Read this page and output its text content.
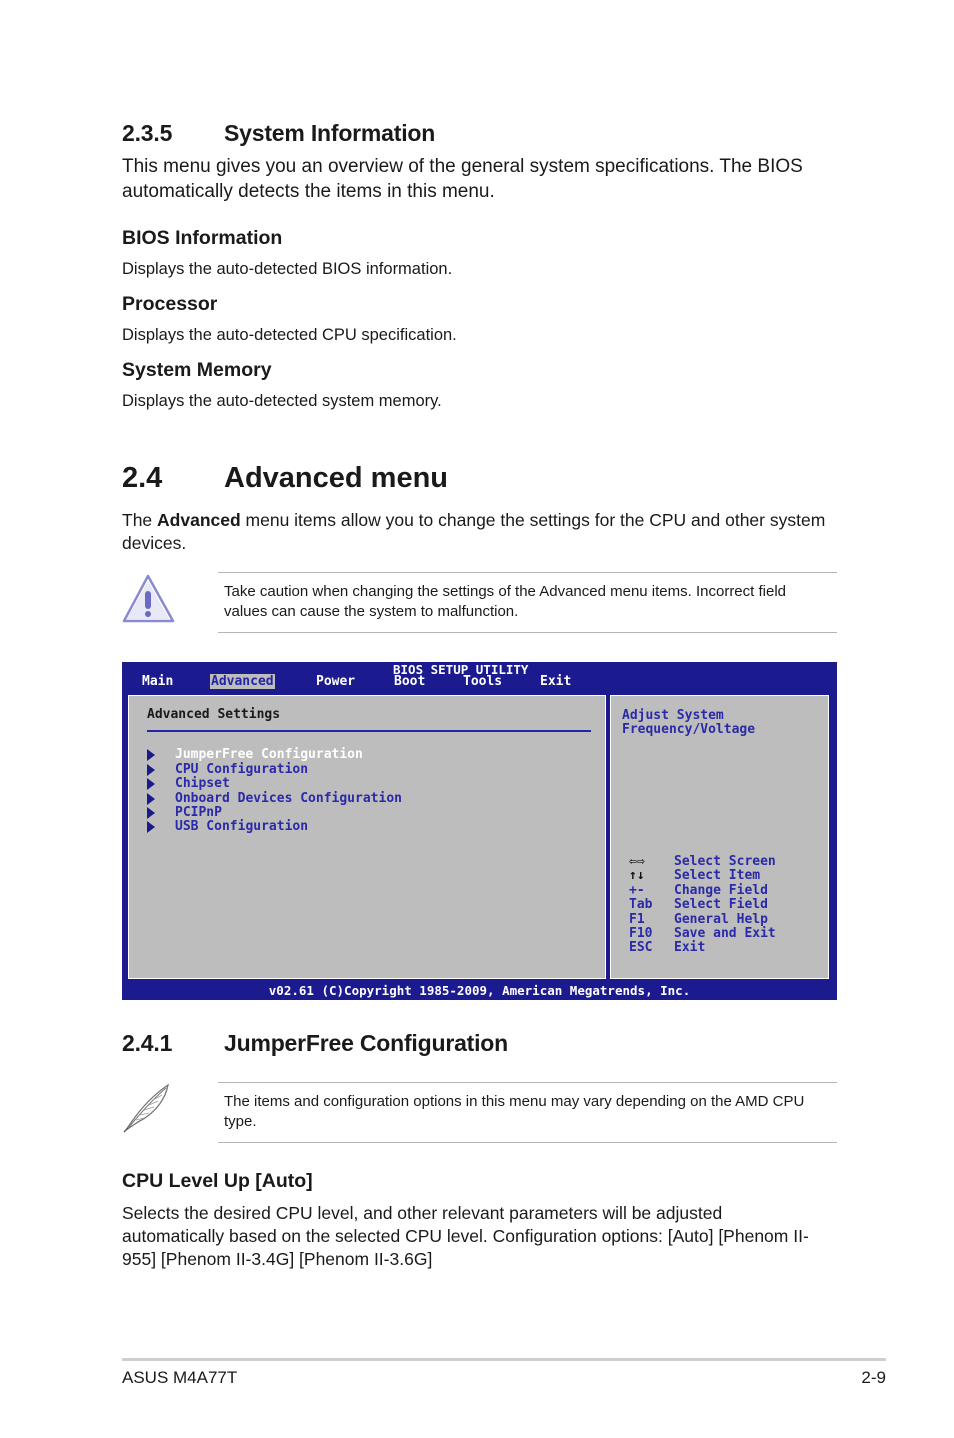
2.3.5 System Information
This menu gives you an overview of the general system specifications. The BIOS automatically detects the items in this menu.
BIOS Information
Displays the auto-detected BIOS information.
Processor
Displays the auto-detected CPU specification.
System Memory
Displays the auto-detected system memory.
2.4 Advanced menu
The Advanced menu items allow you to change the settings for the CPU and other system devices.
Take caution when changing the settings of the Advanced menu items. Incorrect field values can cause the system to malfunction.
BIOS SETUP UTILITY
Main	Advanced	Power	Boot	Tools	Exit
Advanced Settings
JumperFree Configuration
CPU Configuration
Chipset
Onboard Devices Configuration
PCIPnP
USB Configuration
Adjust System
Frequency/Voltage
⇦⇨ Select Screen
↑↓ Select Item
+- Change Field
Tab Select Field
F1 General Help
F10 Save and Exit
ESC Exit
v02.61 (C)Copyright 1985-2009, American Megatrends, Inc.
2.4.1 JumperFree Configuration
The items and configuration options in this menu may vary depending on the AMD CPU type.
CPU Level Up [Auto]
Selects the desired CPU level, and other relevant parameters will be adjusted automatically based on the selected CPU level. Configuration options: [Auto] [Phenom II-955] [Phenom II-3.4G] [Phenom II-3.6G]
ASUS M4A77T	2-9
